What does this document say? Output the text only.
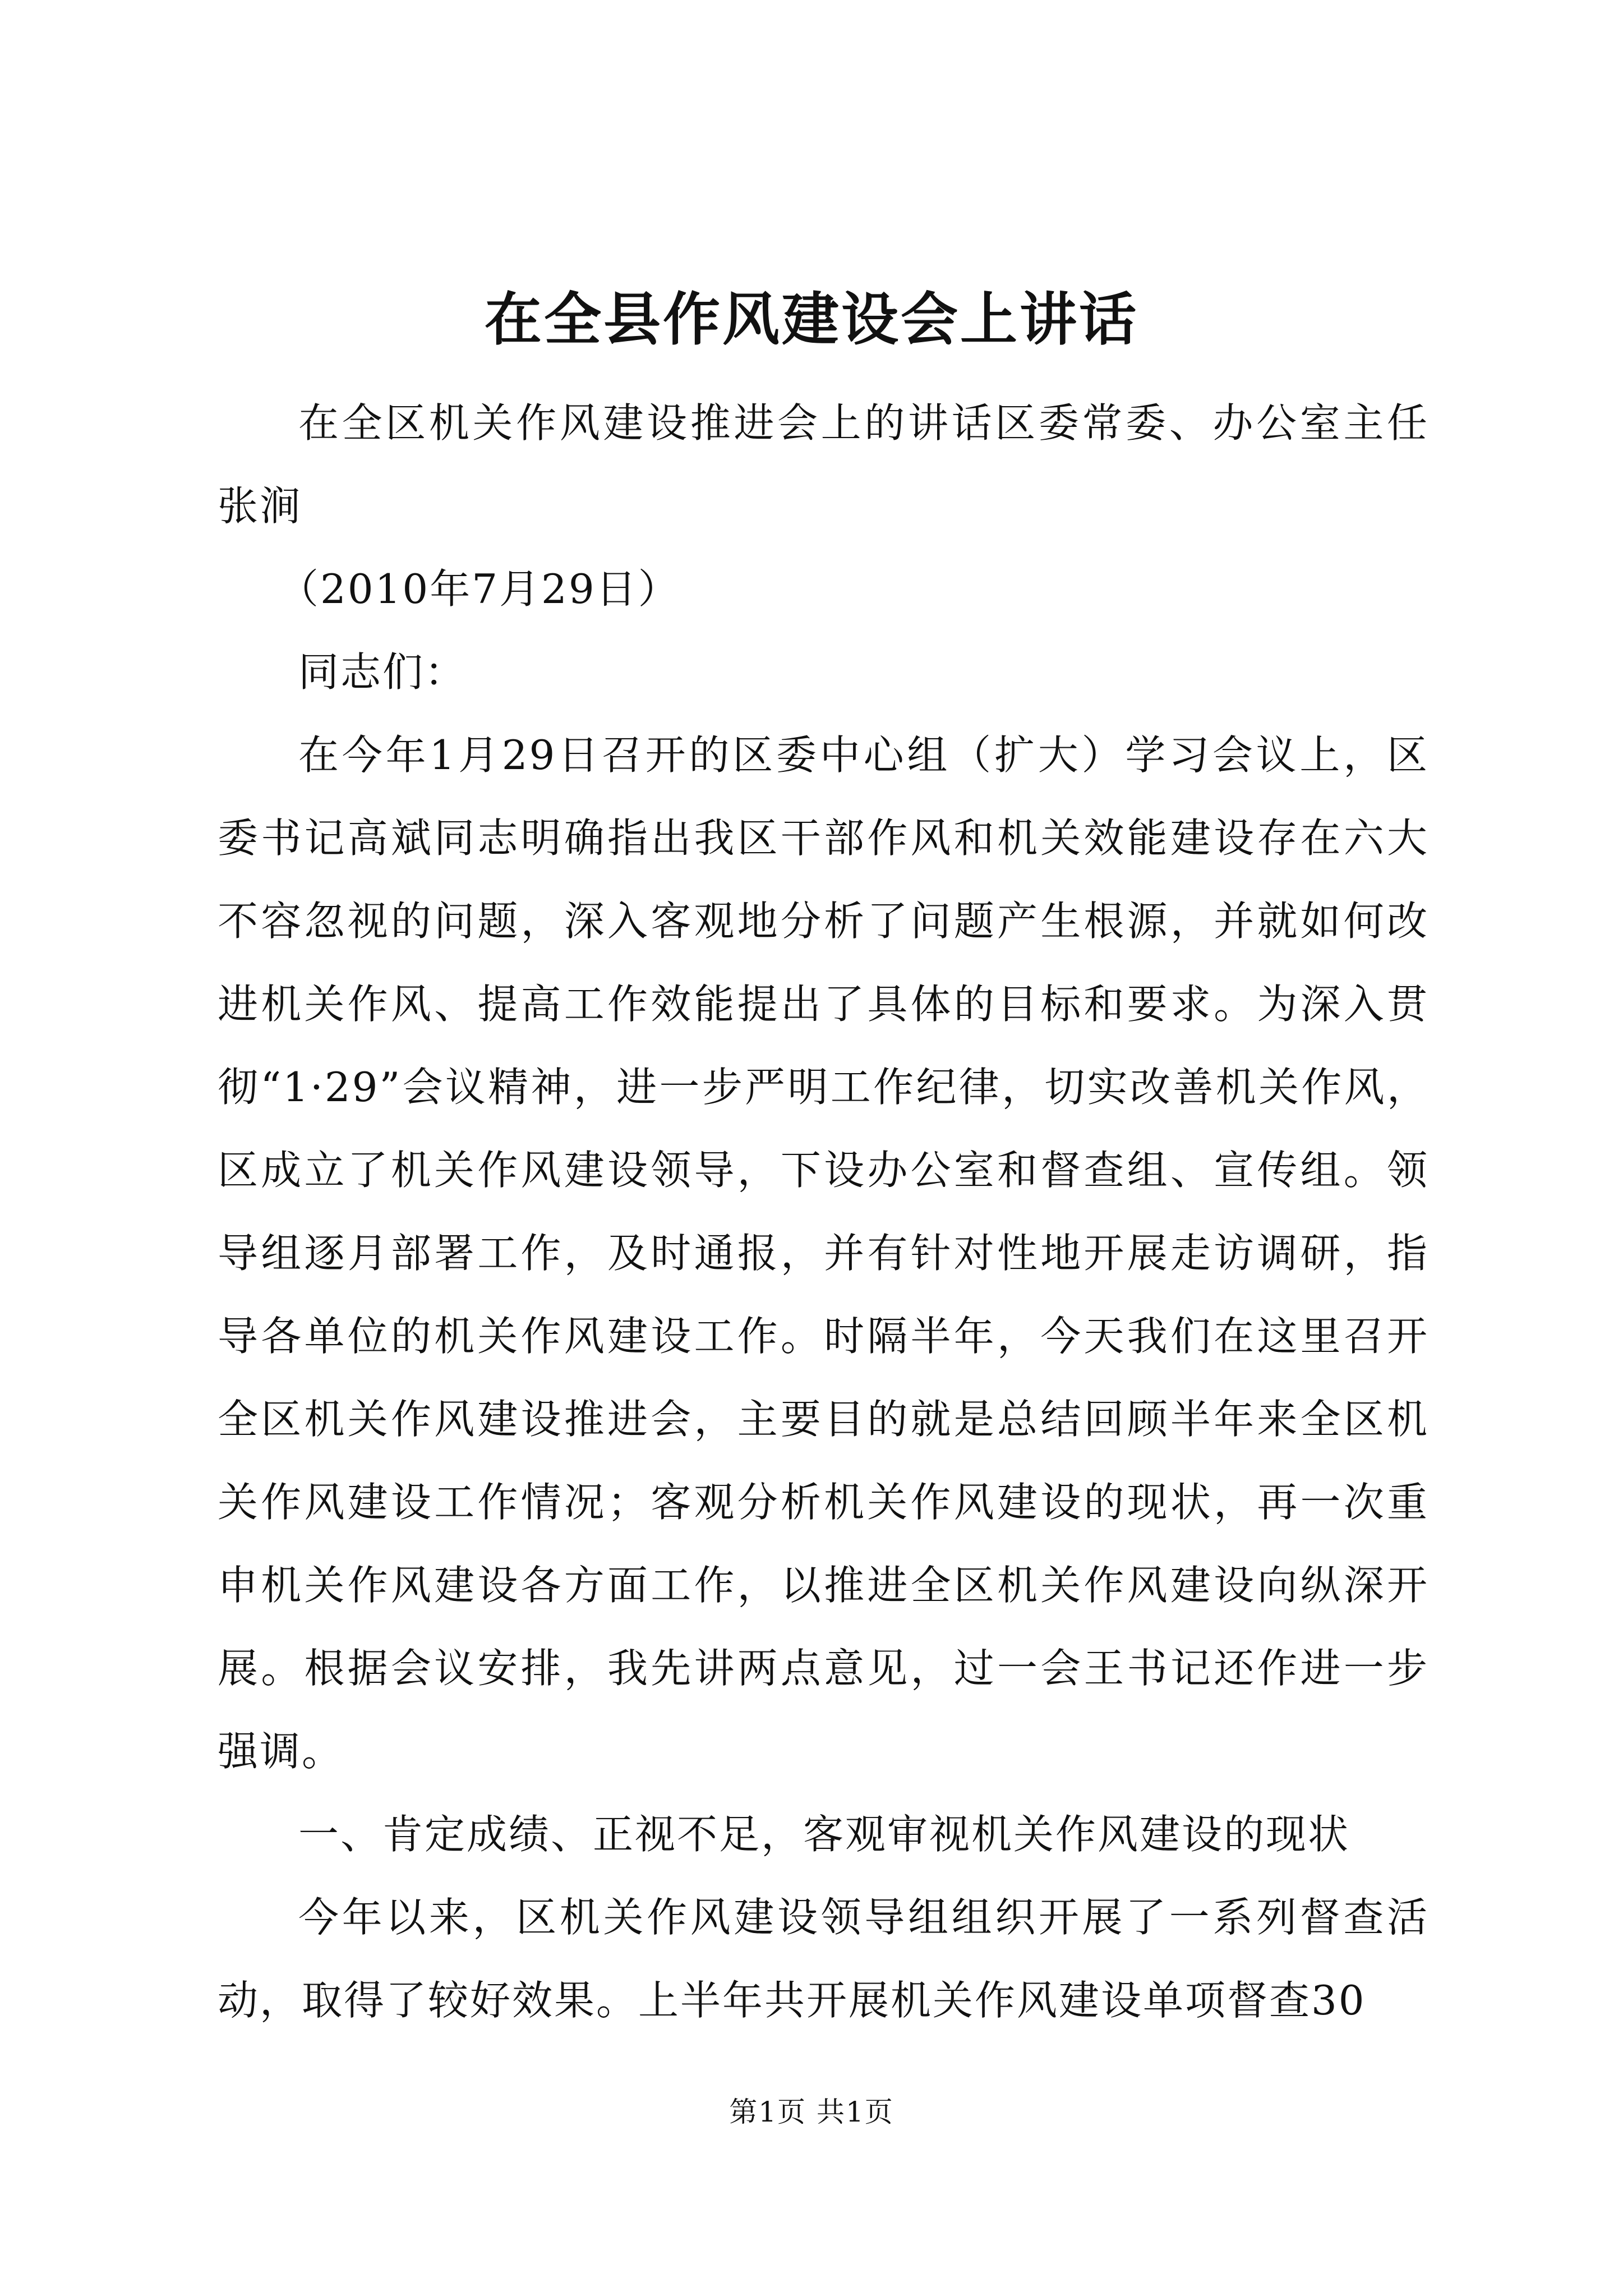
在全县作风建设会上讲话

在全区机关作风建设推进会上的讲话区委常委、办公室主任张涧

（2010年7月29日）

同志们：

在今年1月29日召开的区委中心组（扩大）学习会议上，区委书记高斌同志明确指出我区干部作风和机关效能建设存在六大不容忽视的问题，深入客观地分析了问题产生根源，并就如何改进机关作风、提高工作效能提出了具体的目标和要求。为深入贯彻“1·29”会议精神，进一步严明工作纪律，切实改善机关作风，区成立了机关作风建设领导，下设办公室和督查组、宣传组。领导组逐月部署工作，及时通报，并有针对性地开展走访调研，指导各单位的机关作风建设工作。时隔半年，今天我们在这里召开全区机关作风建设推进会，主要目的就是总结回顾半年来全区机关作风建设工作情况；客观分析机关作风建设的现状，再一次重申机关作风建设各方面工作，以推进全区机关作风建设向纵深开展。根据会议安排，我先讲两点意见，过一会王书记还作进一步强调。

一、肯定成绩、正视不足，客观审视机关作风建设的现状

今年以来，区机关作风建设领导组组织开展了一系列督查活动，取得了较好效果。上半年共开展机关作风建设单项督查30

第1页 共1页
